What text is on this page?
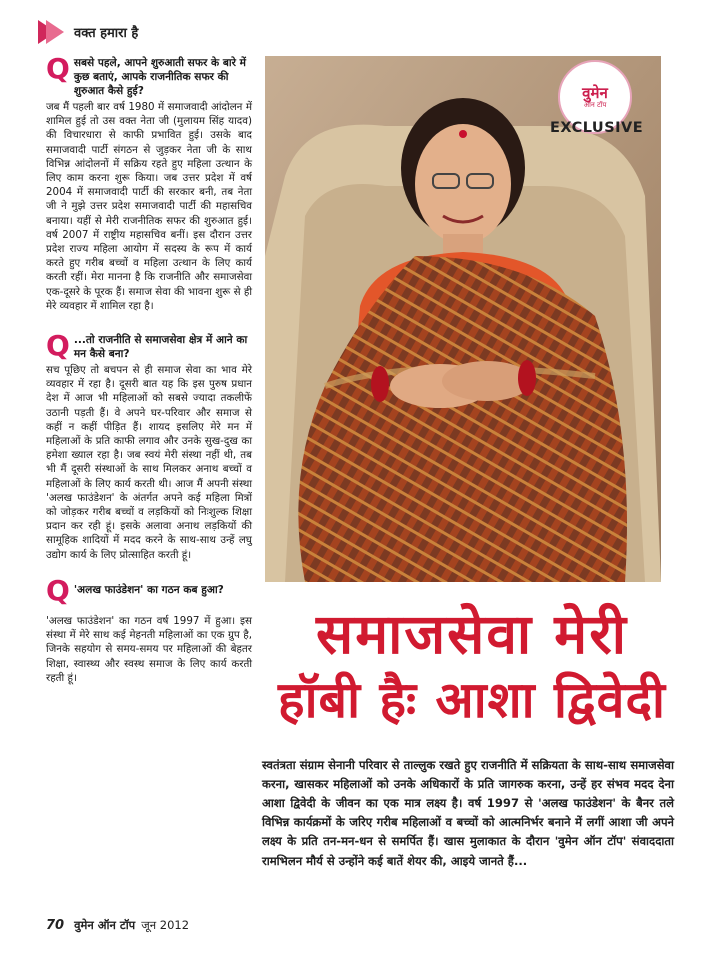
वक्त हमारा है
Q सबसे पहले, आपने शुरुआती सफर के बारे में कुछ बताएं, आपके राजनीतिक सफर की शुरुआत कैसे हुई?

जब मैं पहली बार वर्ष 1980 में समाजवादी आंदोलन में शामिल हुई तो उस वक्त नेता जी (मुलायम सिंह यादव) की विचारधारा से काफी प्रभावित हुई। उसके बाद समाजवादी पार्टी संगठन से जुड़कर नेता जी के साथ विभिन्न आंदोलनों में सक्रिय रहते हुए महिला उत्थान के लिए काम करना शुरू किया। जब उत्तर प्रदेश में वर्ष 2004 में समाजवादी पार्टी की सरकार बनी, तब नेता जी ने मुझे उत्तर प्रदेश समाजवादी पार्टी की महासचिव बनाया। यहीं से मेरी राजनीतिक सफर की शुरुआत हुई। वर्ष 2007 में राष्ट्रीय महासचिव बनीं। इस दौरान उत्तर प्रदेश राज्य महिला आयोग में सदस्य के रूप में कार्य करते हुए गरीब बच्चों व महिला उत्थान के लिए कार्य करती रहीं। मेरा मानना है कि राजनीति और समाजसेवा एक-दूसरे के पूरक हैं। समाज सेवा की भावना शुरू से ही मेरे व्यवहार में शामिल रहा है।

Q ...तो राजनीति से समाजसेवा क्षेत्र में आने का मन कैसे बना?

सच पूछिए तो बचपन से ही समाज सेवा का भाव मेरे व्यवहार में रहा है। दूसरी बात यह कि इस पुरुष प्रधान देश में आज भी महिलाओं को सबसे ज्यादा तकलीफें उठानी पड़ती हैं। वे अपने घर-परिवार और समाज से कहीं न कहीं पीड़ित हैं। शायद इसलिए मेरे मन में महिलाओं के प्रति काफी लगाव और उनके सुख-दुख का हमेशा ख्याल रहा है। जब स्वयं मेरी संस्था नहीं थी, तब भी मैं दूसरी संस्थाओं के साथ मिलकर अनाथ बच्चों व महिलाओं के लिए कार्य करती थी। आज मैं अपनी संस्था 'अलख फाउंडेशन' के अंतर्गत अपने कई महिला मित्रों को जोड़कर गरीब बच्चों व लड़कियों को निःशुल्क शिक्षा प्रदान कर रही हूं। इसके अलावा अनाथ लड़कियों की सामूहिक शादियों में मदद करने के साथ-साथ उन्हें लघु उद्योग कार्य के लिए प्रोत्साहित करती हूं।

Q 'अलख फाउंडेशन' का गठन कब हुआ?

'अलख फाउंडेशन' का गठन वर्ष 1997 में हुआ। इस संस्था में मेरे साथ कई मेहनती महिलाओं का एक ग्रुप है, जिनके सहयोग से समय-समय पर महिलाओं की बेहतर शिक्षा, स्वास्थ्य और स्वस्थ समाज के लिए कार्य करती रहती हूं।

वुमेन
ऑन टॉप
EXCLUSIVE
समाजसेवा मेरी
हॉबी हैः आशा द्विवेदी

स्वतंत्रता संग्राम सेनानी परिवार से ताल्लुक रखते हुए राजनीति में सक्रियता के साथ-साथ समाजसेवा करना, खासकर महिलाओं को उनके अधिकारों के प्रति जागरुक करना, उन्हें हर संभव मदद देना आशा द्विवेदी के जीवन का एक मात्र लक्ष्य है। वर्ष 1997 से 'अलख फाउंडेशन' के बैनर तले विभिन्न कार्यक्रमों के जरिए गरीब महिलाओं व बच्चों को आत्मनिर्भर बनाने में लगीं आशा जी अपने लक्ष्य के प्रति तन-मन-धन से समर्पित हैं। खास मुलाकात के दौरान 'वुमेन ऑन टॉप' संवाददाता रामभिलन मौर्य से उन्होंने कई बातें शेयर की, आइये जानते हैं...

70 वुमेन ऑन टॉप जून 2012
